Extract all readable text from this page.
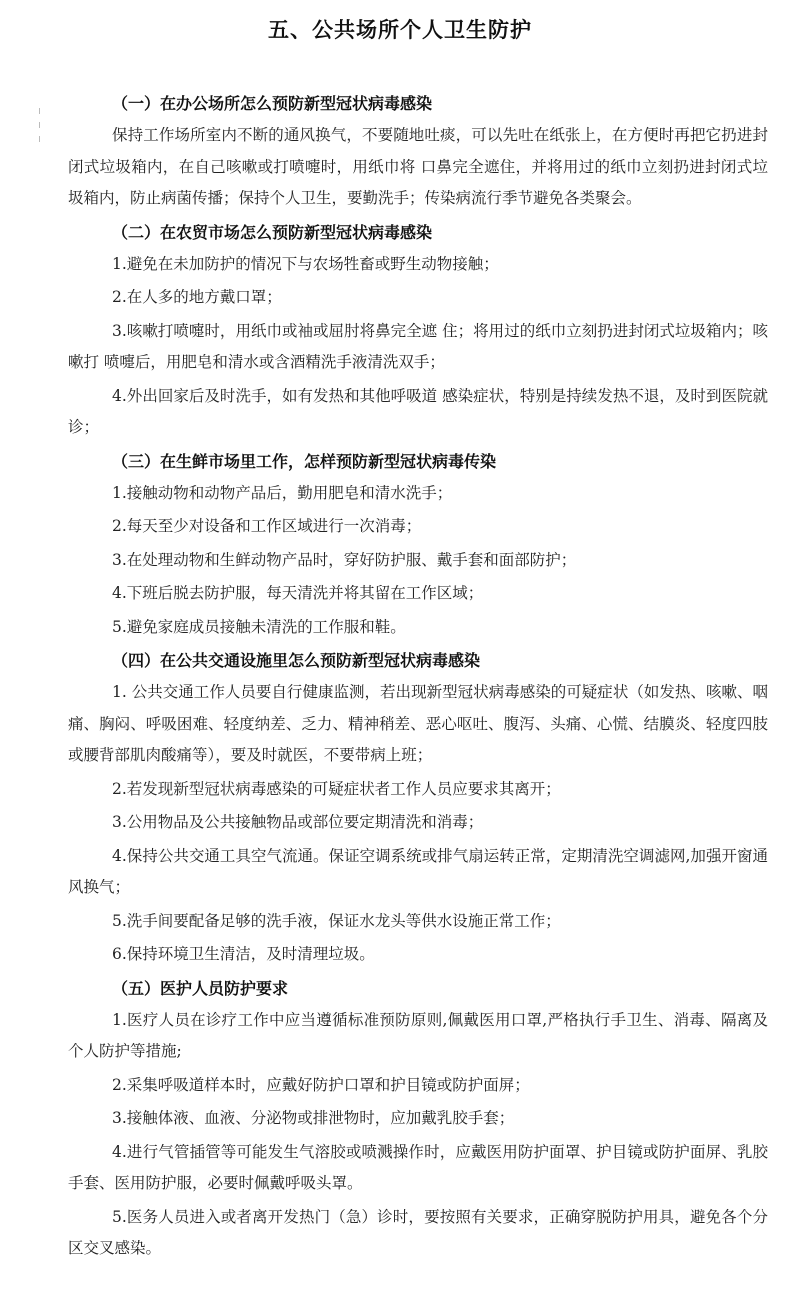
五、公共场所个人卫生防护
（一）在办公场所怎么预防新型冠状病毒感染

保持工作场所室内不断的通风换气，不要随地吐痰，可以先吐在纸张上，在方便时再把它扔进封闭式垃圾箱内，在自己咳嗽或打喷嚏时，用纸巾将 口鼻完全遮住，并将用过的纸巾立刻扔进封闭式垃圾箱内，防止病菌传播；保持个人卫生，要勤洗手；传染病流行季节避免各类聚会。

（二）在农贸市场怎么预防新型冠状病毒感染

1.避免在未加防护的情况下与农场牲畜或野生动物接触；

2.在人多的地方戴口罩；

3.咳嗽打喷嚏时，用纸巾或袖或屈肘将鼻完全遮 住；将用过的纸巾立刻扔进封闭式垃圾箱内；咳嗽打 喷嚏后，用肥皂和清水或含酒精洗手液清洗双手；

4.外出回家后及时洗手，如有发热和其他呼吸道 感染症状，特别是持续发热不退，及时到医院就诊；

（三）在生鲜市场里工作，怎样预防新型冠状病毒传染

1.接触动物和动物产品后，勤用肥皂和清水洗手；

2.每天至少对设备和工作区域进行一次消毒；

3.在处理动物和生鲜动物产品时，穿好防护服、戴手套和面部防护；

4.下班后脱去防护服，每天清洗并将其留在工作区域；

5.避免家庭成员接触未清洗的工作服和鞋。

（四）在公共交通设施里怎么预防新型冠状病毒感染

1. 公共交通工作人员要自行健康监测，若出现新型冠状病毒感染的可疑症状（如发热、咳嗽、咽痛、胸闷、呼吸困难、轻度纳差、乏力、精神稍差、恶心呕吐、腹泻、头痛、心慌、结膜炎、轻度四肢或腰背部肌肉酸痛等），要及时就医，不要带病上班；

2.若发现新型冠状病毒感染的可疑症状者工作人员应要求其离开；

3.公用物品及公共接触物品或部位要定期清洗和消毒；

4.保持公共交通工具空气流通。保证空调系统或排气扇运转正常，定期清洗空调滤网,加强开窗通风换气；

5.洗手间要配备足够的洗手液，保证水龙头等供水设施正常工作；

6.保持环境卫生清洁，及时清理垃圾。

（五）医护人员防护要求

1.医疗人员在诊疗工作中应当遵循标准预防原则,佩戴医用口罩,严格执行手卫生、消毒、隔离及个人防护等措施;

2.采集呼吸道样本时，应戴好防护口罩和护目镜或防护面屏；

3.接触体液、血液、分泌物或排泄物时，应加戴乳胶手套；

4.进行气管插管等可能发生气溶胶或喷溅操作时，应戴医用防护面罩、护目镜或防护面屏、乳胶手套、医用防护服，必要时佩戴呼吸头罩。

5.医务人员进入或者离开发热门（急）诊时，要按照有关要求，正确穿脱防护用具，避免各个分区交叉感染。
